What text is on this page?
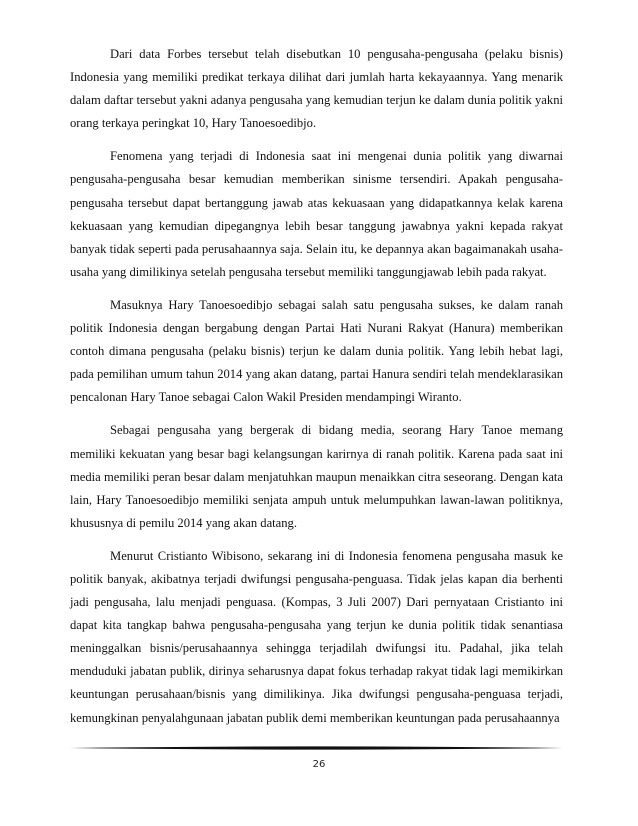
Dari data Forbes tersebut telah disebutkan 10 pengusaha-pengusaha (pelaku bisnis) Indonesia yang memiliki predikat terkaya dilihat dari jumlah harta kekayaannya. Yang menarik dalam daftar tersebut yakni adanya pengusaha yang kemudian terjun ke dalam dunia politik yakni orang terkaya peringkat 10, Hary Tanoesoedibjo.

Fenomena yang terjadi di Indonesia saat ini mengenai dunia politik yang diwarnai pengusaha-pengusaha besar kemudian memberikan sinisme tersendiri. Apakah pengusaha-pengusaha tersebut dapat bertanggung jawab atas kekuasaan yang didapatkannya kelak karena kekuasaan yang kemudian dipegangnya lebih besar tanggung jawabnya yakni kepada rakyat banyak tidak seperti pada perusahaannya saja. Selain itu, ke depannya akan bagaimanakah usaha-usaha yang dimilikinya setelah pengusaha tersebut memiliki tanggungjawab lebih pada rakyat.

Masuknya Hary Tanoesoedibjo sebagai salah satu pengusaha sukses, ke dalam ranah politik Indonesia dengan bergabung dengan Partai Hati Nurani Rakyat (Hanura) memberikan contoh dimana pengusaha (pelaku bisnis) terjun ke dalam dunia politik. Yang lebih hebat lagi, pada pemilihan umum tahun 2014 yang akan datang, partai Hanura sendiri telah mendeklarasikan pencalonan Hary Tanoe sebagai Calon Wakil Presiden mendampingi Wiranto.

Sebagai pengusaha yang bergerak di bidang media, seorang Hary Tanoe memang memiliki kekuatan yang besar bagi kelangsungan karirnya di ranah politik. Karena pada saat ini media memiliki peran besar dalam menjatuhkan maupun menaikkan citra seseorang. Dengan kata lain, Hary Tanoesoedibjo memiliki senjata ampuh untuk melumpuhkan lawan-lawan politiknya, khususnya di pemilu 2014 yang akan datang.

Menurut Cristianto Wibisono, sekarang ini di Indonesia fenomena pengusaha masuk ke politik banyak, akibatnya terjadi dwifungsi pengusaha-penguasa. Tidak jelas kapan dia berhenti jadi pengusaha, lalu menjadi penguasa. (Kompas, 3 Juli 2007) Dari pernyataan Cristianto ini dapat kita tangkap bahwa pengusaha-pengusaha yang terjun ke dunia politik tidak senantiasa meninggalkan bisnis/perusahaannya sehingga terjadilah dwifungsi itu. Padahal, jika telah menduduki jabatan publik, dirinya seharusnya dapat fokus terhadap rakyat tidak lagi memikirkan keuntungan perusahaan/bisnis yang dimilikinya. Jika dwifungsi pengusaha-penguasa terjadi, kemungkinan penyalahgunaan jabatan publik demi memberikan keuntungan pada perusahaannya

26
